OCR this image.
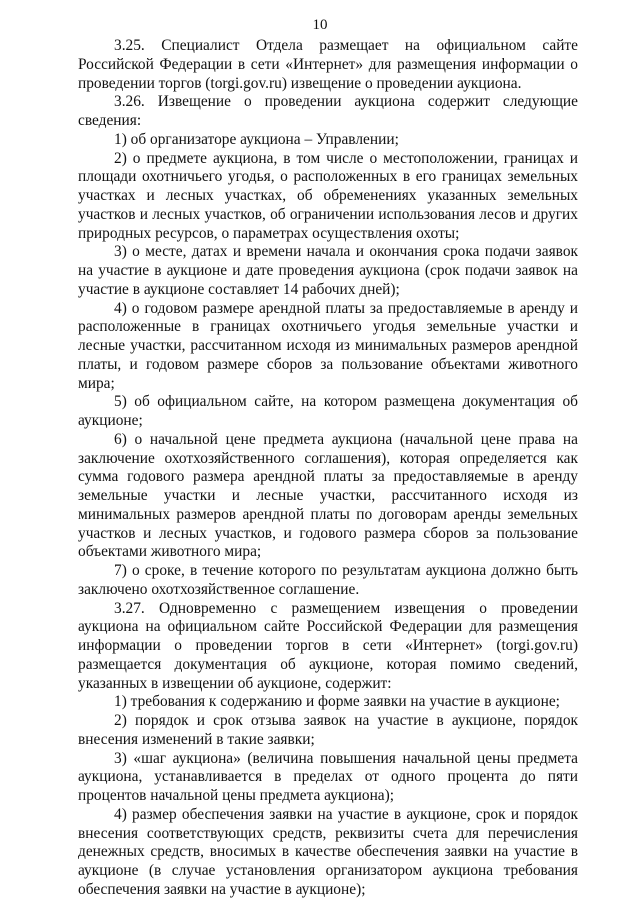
10

3.25. Специалист Отдела размещает на официальном сайте Российской Федерации в сети «Интернет» для размещения информации о проведении торгов (torgi.gov.ru) извещение о проведении аукциона.

3.26. Извещение о проведении аукциона содержит следующие сведения:

1) об организаторе аукциона – Управлении;

2) о предмете аукциона, в том числе о местоположении, границах и площади охотничьего угодья, о расположенных в его границах земельных участках и лесных участках, об обременениях указанных земельных участков и лесных участков, об ограничении использования лесов и других природных ресурсов, о параметрах осуществления охоты;

3) о месте, датах и времени начала и окончания срока подачи заявок на участие в аукционе и дате проведения аукциона (срок подачи заявок на участие в аукционе составляет 14 рабочих дней);

4) о годовом размере арендной платы за предоставляемые в аренду и расположенные в границах охотничьего угодья земельные участки и лесные участки, рассчитанном исходя из минимальных размеров арендной платы, и годовом размере сборов за пользование объектами животного мира;

5) об официальном сайте, на котором размещена документация об аукционе;

6) о начальной цене предмета аукциона (начальной цене права на заключение охотхозяйственного соглашения), которая определяется как сумма годового размера арендной платы за предоставляемые в аренду земельные участки и лесные участки, рассчитанного исходя из минимальных размеров арендной платы по договорам аренды земельных участков и лесных участков, и годового размера сборов за пользование объектами животного мира;

7) о сроке, в течение которого по результатам аукциона должно быть заключено охотхозяйственное соглашение.

3.27. Одновременно с размещением извещения о проведении аукциона на официальном сайте Российской Федерации для размещения информации о проведении торгов в сети «Интернет» (torgi.gov.ru) размещается документация об аукционе, которая помимо сведений, указанных в извещении об аукционе, содержит:

1) требования к содержанию и форме заявки на участие в аукционе;

2) порядок и срок отзыва заявок на участие в аукционе, порядок внесения изменений в такие заявки;

3) «шаг аукциона» (величина повышения начальной цены предмета аукциона, устанавливается в пределах от одного процента до пяти процентов начальной цены предмета аукциона);

4) размер обеспечения заявки на участие в аукционе, срок и порядок внесения соответствующих средств, реквизиты счета для перечисления денежных средств, вносимых в качестве обеспечения заявки на участие в аукционе (в случае установления организатором аукциона требования обеспечения заявки на участие в аукционе);
